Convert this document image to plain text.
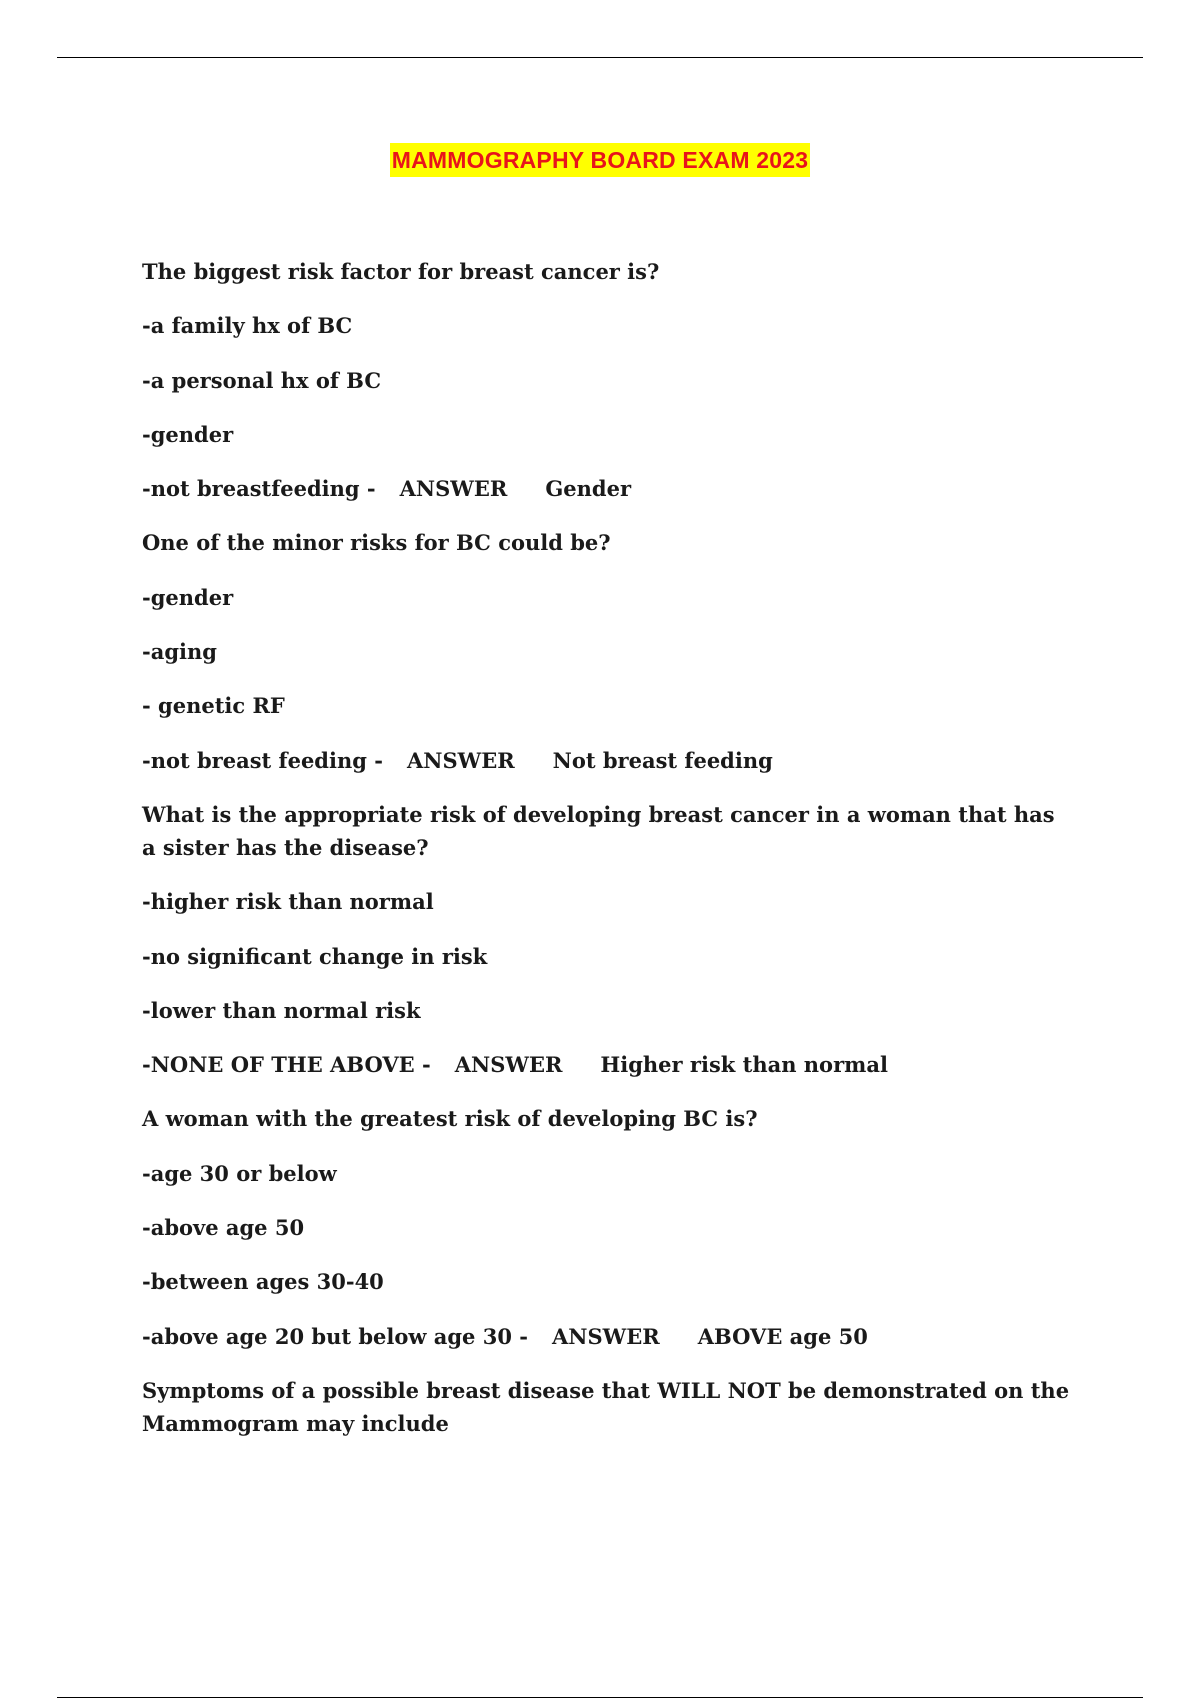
MAMMOGRAPHY BOARD EXAM 2023

The biggest risk factor for breast cancer is?

-a family hx of BC

-a personal hx of BC

-gender

-not breastfeeding - ANSWER Gender

One of the minor risks for BC could be?

-gender

-aging

- genetic RF

-not breast feeding - ANSWER Not breast feeding

What is the appropriate risk of developing breast cancer in a woman that has a sister has the disease?

-higher risk than normal

-no significant change in risk

-lower than normal risk

-NONE OF THE ABOVE - ANSWER Higher risk than normal

A woman with the greatest risk of developing BC is?

-age 30 or below

-above age 50

-between ages 30-40

-above age 20 but below age 30 - ANSWER ABOVE age 50

Symptoms of a possible breast disease that WILL NOT be demonstrated on the Mammogram may include
